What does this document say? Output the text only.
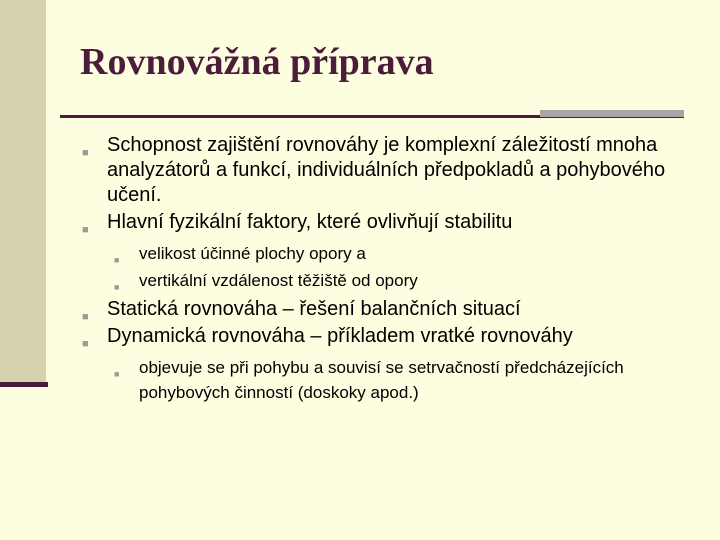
Rovnovážná příprava
■ Schopnost zajištění rovnováhy je komplexní záležitostí mnoha analyzátorů a funkcí, individuálních předpokladů a pohybového učení.
■ Hlavní fyzikální faktory, které ovlivňují stabilitu
■ velikost účinné plochy opory a
■ vertikální vzdálenost těžiště od opory
■ Statická rovnováha – řešení balančních situací
■ Dynamická rovnováha – příkladem vratké rovnováhy
■ objevuje se při pohybu a souvisí se setrvačností předcházejících pohybových činností (doskoky apod.)
